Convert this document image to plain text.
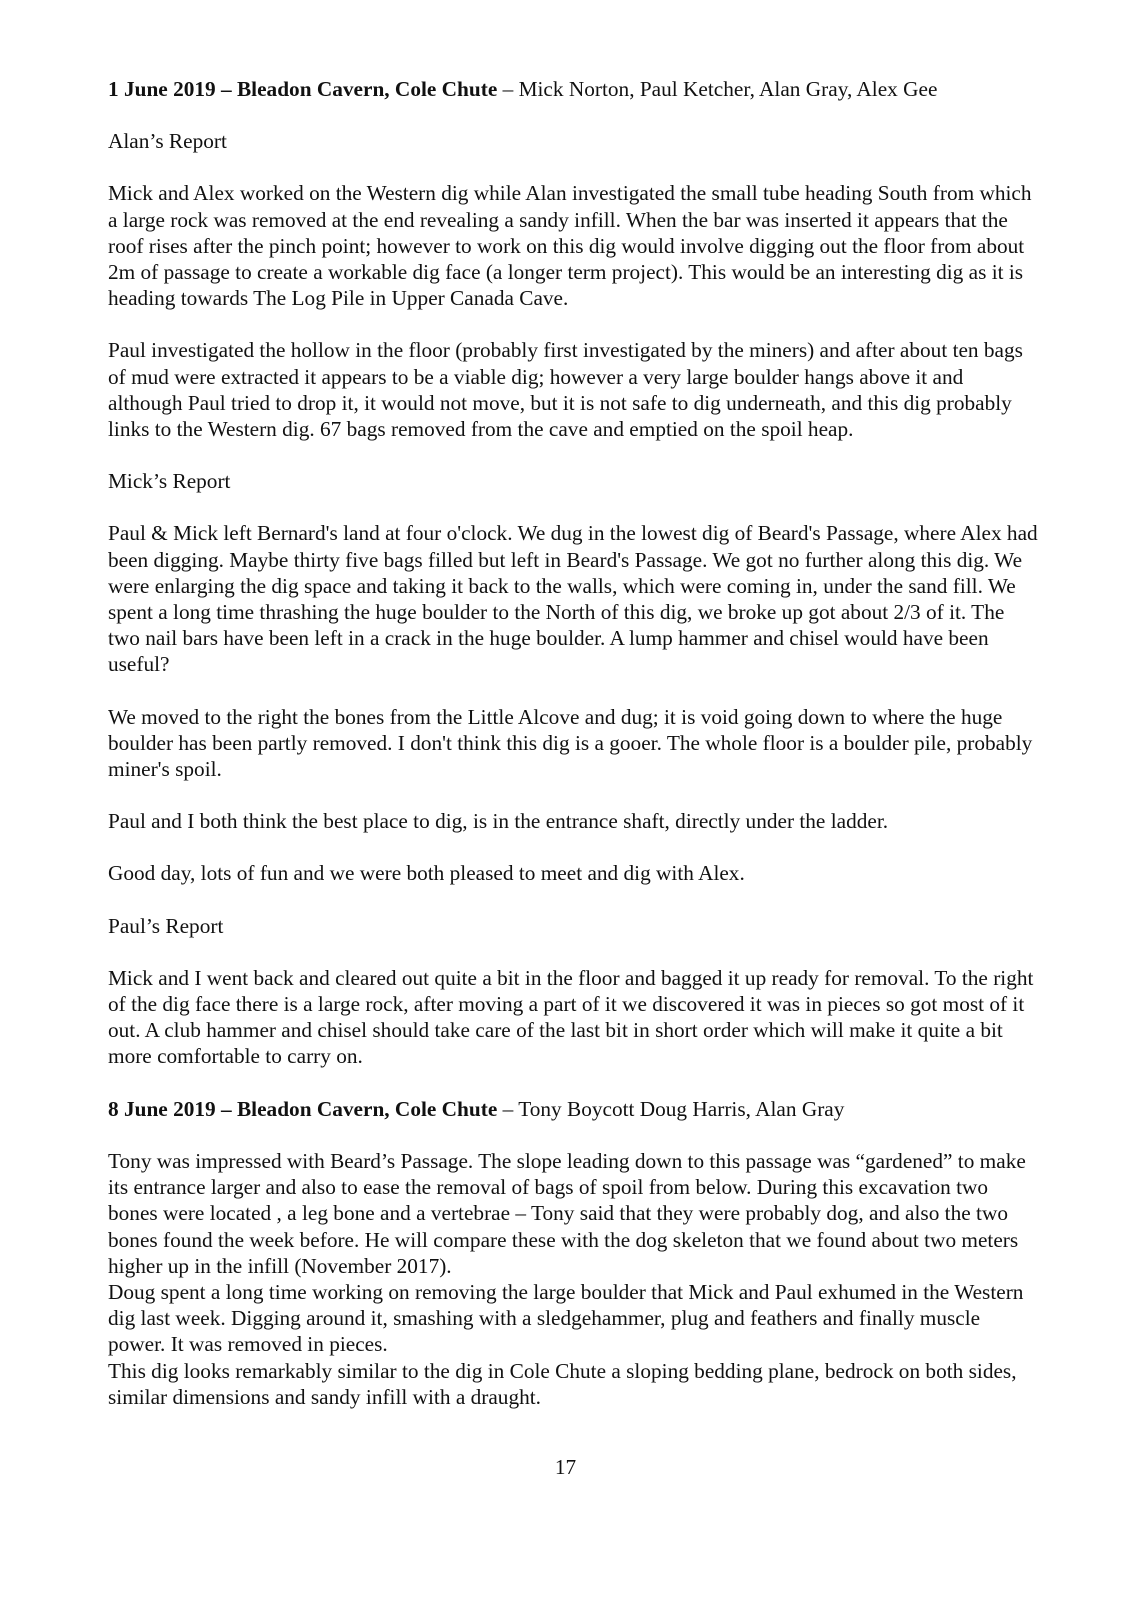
1 June 2019 – Bleadon Cavern, Cole Chute – Mick Norton, Paul Ketcher, Alan Gray, Alex Gee

Alan’s Report

Mick and Alex worked on the Western dig while Alan investigated the small tube heading South from which a large rock was removed at the end revealing a sandy infill. When the bar was inserted it appears that the roof rises after the pinch point; however to work on this dig would involve digging out the floor from about 2m of passage to create a workable dig face (a longer term project). This would be an interesting dig as it is heading towards The Log Pile in Upper Canada Cave.

Paul investigated the hollow in the floor (probably first investigated by the miners) and after about ten bags of mud were extracted it appears to be a viable dig; however a very large boulder hangs above it and although Paul tried to drop it, it would not move, but it is not safe to dig underneath, and this dig probably links to the Western dig. 67 bags removed from the cave and emptied on the spoil heap.

Mick’s Report

Paul & Mick left Bernard's land at four o'clock. We dug in the lowest dig of Beard's Passage, where Alex had been digging. Maybe thirty five bags filled but left in Beard's Passage. We got no further along this dig. We were enlarging the dig space and taking it back to the walls, which were coming in, under the sand fill. We spent a long time thrashing the huge boulder to the North of this dig, we broke up got about 2/3 of it. The two nail bars have been left in a crack in the huge boulder. A lump hammer and chisel would have been useful?

We moved to the right the bones from the Little Alcove and dug; it is void going down to where the huge boulder has been partly removed. I don't think this dig is a gooer. The whole floor is a boulder pile, probably miner's spoil.

Paul and I both think the best place to dig, is in the entrance shaft, directly under the ladder.

Good day, lots of fun and we were both pleased to meet and dig with Alex.

Paul’s Report

Mick and I went back and cleared out quite a bit in the floor and bagged it up ready for removal. To the right of the dig face there is a large rock, after moving a part of it we discovered it was in pieces so got most of it out. A club hammer and chisel should take care of the last bit in short order which will make it quite a bit more comfortable to carry on.

8 June 2019 – Bleadon Cavern, Cole Chute – Tony Boycott Doug Harris, Alan Gray

Tony was impressed with Beard’s Passage. The slope leading down to this passage was “gardened” to make its entrance larger and also to ease the removal of bags of spoil from below. During this excavation two bones were located , a leg bone and a vertebrae – Tony said that they were probably dog, and also the two bones found the week before. He will compare these with the dog skeleton that we found about two meters higher up in the infill (November 2017).

Doug spent a long time working on removing the large boulder that Mick and Paul exhumed in the Western dig last week. Digging around it, smashing with a sledgehammer, plug and feathers and finally muscle power. It was removed in pieces.

This dig looks remarkably similar to the dig in Cole Chute a sloping bedding plane, bedrock on both sides, similar dimensions and sandy infill with a draught.

17
